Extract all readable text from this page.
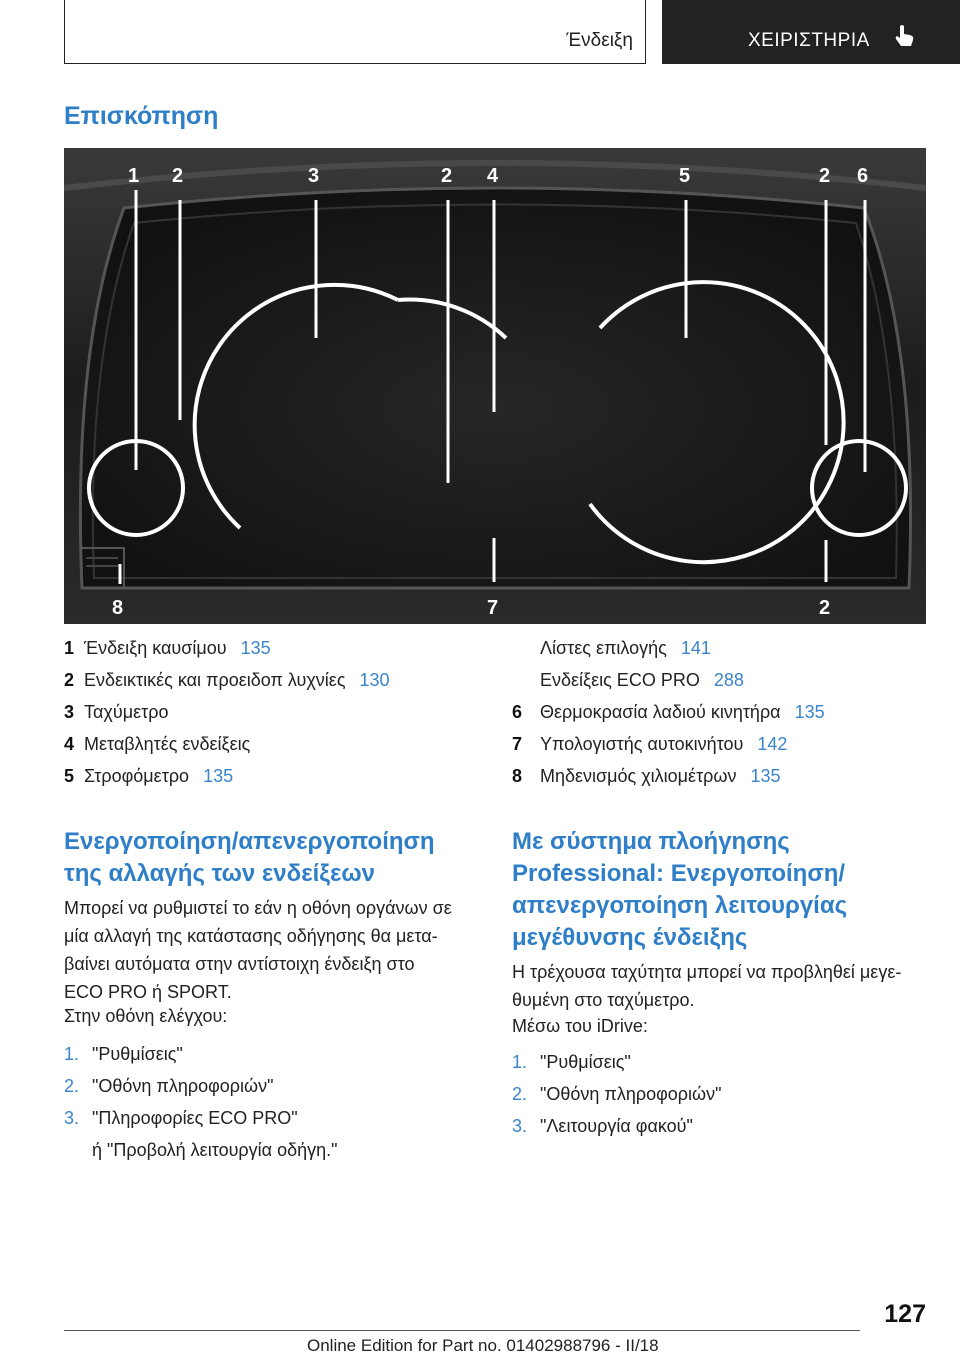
Ένδειξη	ΧΕΙΡΙΣΤΗΡΙΑ
Επισκόπηση
1 2	3	2 4	5	2 6
8	7	2
1 Ένδειξη καυσίμου 135
2 Ενδεικτικές και προειδοπ λυχνίες 130
3 Ταχύμετρο
4 Μεταβλητές ενδείξεις
5 Στροφόμετρο 135
Λίστες επιλογής 141
Ενδείξεις ECO PRO 288
6 Θερμοκρασία λαδιού κινητήρα 135
7 Υπολογιστής αυτοκινήτου 142
8 Μηδενισμός χιλιομέτρων 135
Ενεργοποίηση/απενεργοποίηση
της αλλαγής των ενδείξεων
Μπορεί να ρυθμιστεί το εάν η οθόνη οργάνων σε
μία αλλαγή της κατάστασης οδήγησης θα μετα-
βαίνει αυτόματα στην αντίστοιχη ένδειξη στο
ECO PRO ή SPORT.
Στην οθόνη ελέγχου:
1. "Ρυθμίσεις"
2. "Οθόνη πληροφοριών"
3. "Πληροφορίες ECO PRO"
ή "Προβολή λειτουργία οδήγη."
Με σύστημα πλοήγησης
Professional: Ενεργοποίηση/
απενεργοποίηση λειτουργίας
μεγέθυνσης ένδειξης
Η τρέχουσα ταχύτητα μπορεί να προβληθεί μεγε-
θυμένη στο ταχύμετρο.
Μέσω του iDrive:
1. "Ρυθμίσεις"
2. "Οθόνη πληροφοριών"
3. "Λειτουργία φακού"
127
Online Edition for Part no. 01402988796 - II/18
